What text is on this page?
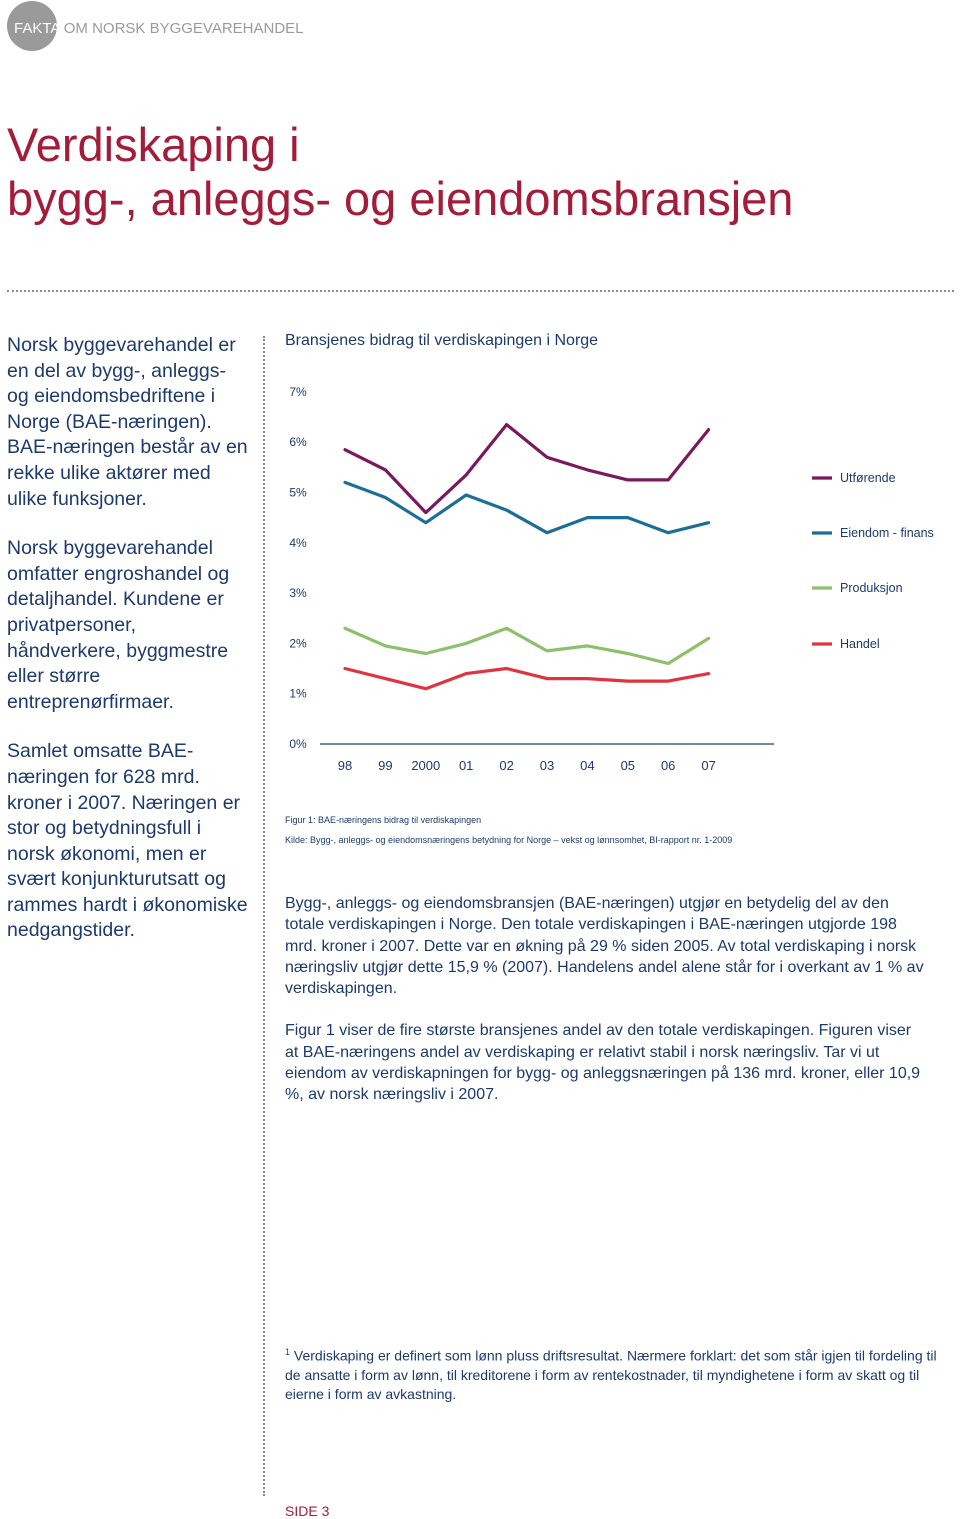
FAKTA OM NORSK BYGGEVAREHANDEL
Verdiskaping i
bygg-, anleggs- og eiendomsbransjen

Norsk byggevarehandel er en del av bygg-, anleggs- og eiendomsbedriftene i Norge (BAE-næringen). BAE-næringen består av en rekke ulike aktører med ulike funksjoner.

Norsk byggevarehandel omfatter engroshandel og detaljhandel. Kundene er privatpersoner, håndverkere, byggmestre eller større entreprenørfirmaer.

Samlet omsatte BAE-næringen for 628 mrd. kroner i 2007. Næringen er stor og betydningsfull i norsk økonomi, men er svært konjunkturutsatt og rammes hardt i økonomiske nedgangstider.

Bransjenes bidrag til verdiskapingen i Norge
0%
1%
2%
3%
4%
5%
6%
7%
98 99 2000 01 02 03 04 05 06 07
Utførende
Eiendom - finans
Produksjon
Handel
Figur 1: BAE-næringens bidrag til verdiskapingen
Kilde: Bygg-, anleggs- og eiendomsnæringens betydning for Norge – vekst og lønnsomhet, BI-rapport nr. 1-2009

Bygg-, anleggs- og eiendomsbransjen (BAE-næringen) utgjør en betydelig del av den totale verdiskapingen i Norge. Den totale verdiskapingen i BAE-næringen utgjorde 198 mrd. kroner i 2007. Dette var en økning på 29 % siden 2005. Av total verdiskaping i norsk næringsliv utgjør dette 15,9 % (2007). Handelens andel alene står for i overkant av 1 % av verdiskapingen.

Figur 1 viser de fire største bransjenes andel av den totale verdiskapingen. Figuren viser at BAE-næringens andel av verdiskaping er relativt stabil i norsk næringsliv. Tar vi ut eiendom av verdiskapningen for bygg- og anleggsnæringen på 136 mrd. kroner, eller 10,9 %, av norsk næringsliv i 2007.

$^1$ Verdiskaping er definert som lønn pluss driftsresultat. Nærmere forklart: det som står igjen til fordeling til de ansatte i form av lønn, til kreditorene i form av rentekostnader, til myndighetene i form av skatt og til eierne i form av avkastning.
SIDE 3
